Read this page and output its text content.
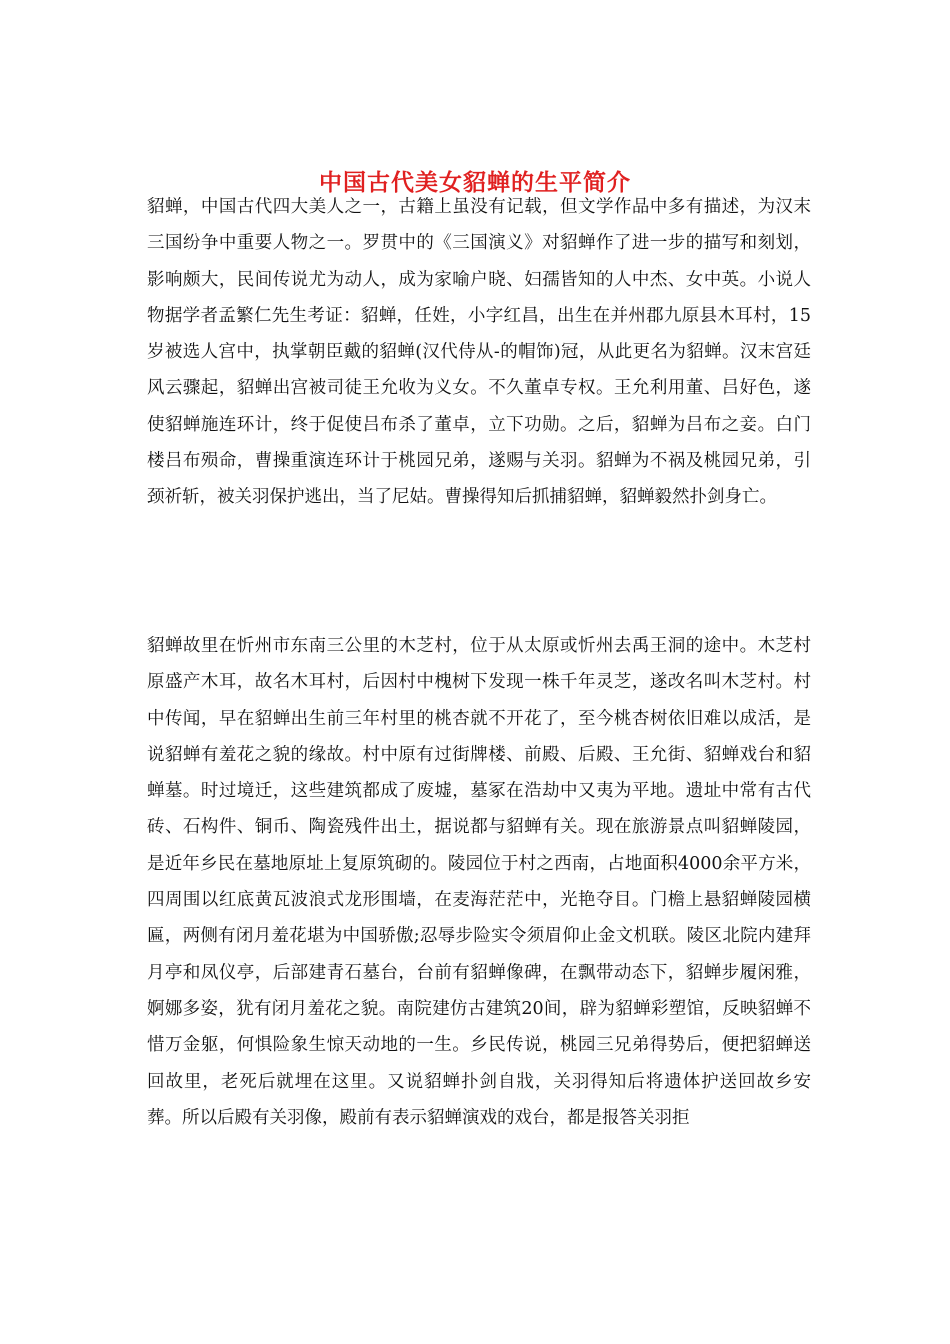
中国古代美女貂蝉的生平简介

貂蝉，中国古代四大美人之一，古籍上虽没有记载，但文学作品中多有描述，为汉末三国纷争中重要人物之一。罗贯中的《三国演义》对貂蝉作了进一步的描写和刻划，影响颇大，民间传说尤为动人，成为家喻户晓、妇孺皆知的人中杰、女中英。小说人物据学者孟繁仁先生考证：貂蝉，任姓，小字红昌，出生在并州郡九原县木耳村，15岁被选人宫中，执掌朝臣戴的貂蝉(汉代侍从-的帽饰)冠，从此更名为貂蝉。汉末宫廷风云骤起，貂蝉出宫被司徒王允收为义女。不久董卓专权。王允利用董、吕好色，遂使貂蝉施连环计，终于促使吕布杀了董卓，立下功勋。之后，貂蝉为吕布之妾。白门楼吕布殒命，曹操重演连环计于桃园兄弟，遂赐与关羽。貂蝉为不祸及桃园兄弟，引颈祈斩，被关羽保护逃出，当了尼姑。曹操得知后抓捕貂蝉，貂蝉毅然扑剑身亡。

貂蝉故里在忻州市东南三公里的木芝村，位于从太原或忻州去禹王洞的途中。木芝村原盛产木耳，故名木耳村，后因村中槐树下发现一株千年灵芝，遂改名叫木芝村。村中传闻，早在貂蝉出生前三年村里的桃杏就不开花了，至今桃杏树依旧难以成活，是说貂蝉有羞花之貌的缘故。村中原有过街牌楼、前殿、后殿、王允街、貂蝉戏台和貂蝉墓。时过境迁，这些建筑都成了废墟，墓冢在浩劫中又夷为平地。遗址中常有古代砖、石构件、铜币、陶瓷残件出土，据说都与貂蝉有关。现在旅游景点叫貂蝉陵园，是近年乡民在墓地原址上复原筑砌的。陵园位于村之西南，占地面积4000余平方米，四周围以红底黄瓦波浪式龙形围墙，在麦海茫茫中，光艳夺目。门檐上悬貂蝉陵园横匾，两侧有闭月羞花堪为中国骄傲;忍辱步险实令须眉仰止金文机联。陵区北院内建拜月亭和凤仪亭，后部建青石墓台，台前有貂蝉像碑，在飘带动态下，貂蝉步履闲雅，婀娜多姿，犹有闭月羞花之貌。南院建仿古建筑20间，辟为貂蝉彩塑馆，反映貂蝉不惜万金躯，何惧险象生惊天动地的一生。乡民传说，桃园三兄弟得势后，便把貂蝉送回故里，老死后就埋在这里。又说貂蝉扑剑自戕，关羽得知后将遗体护送回故乡安葬。所以后殿有关羽像，殿前有表示貂蝉演戏的戏台，都是报答关羽拒
